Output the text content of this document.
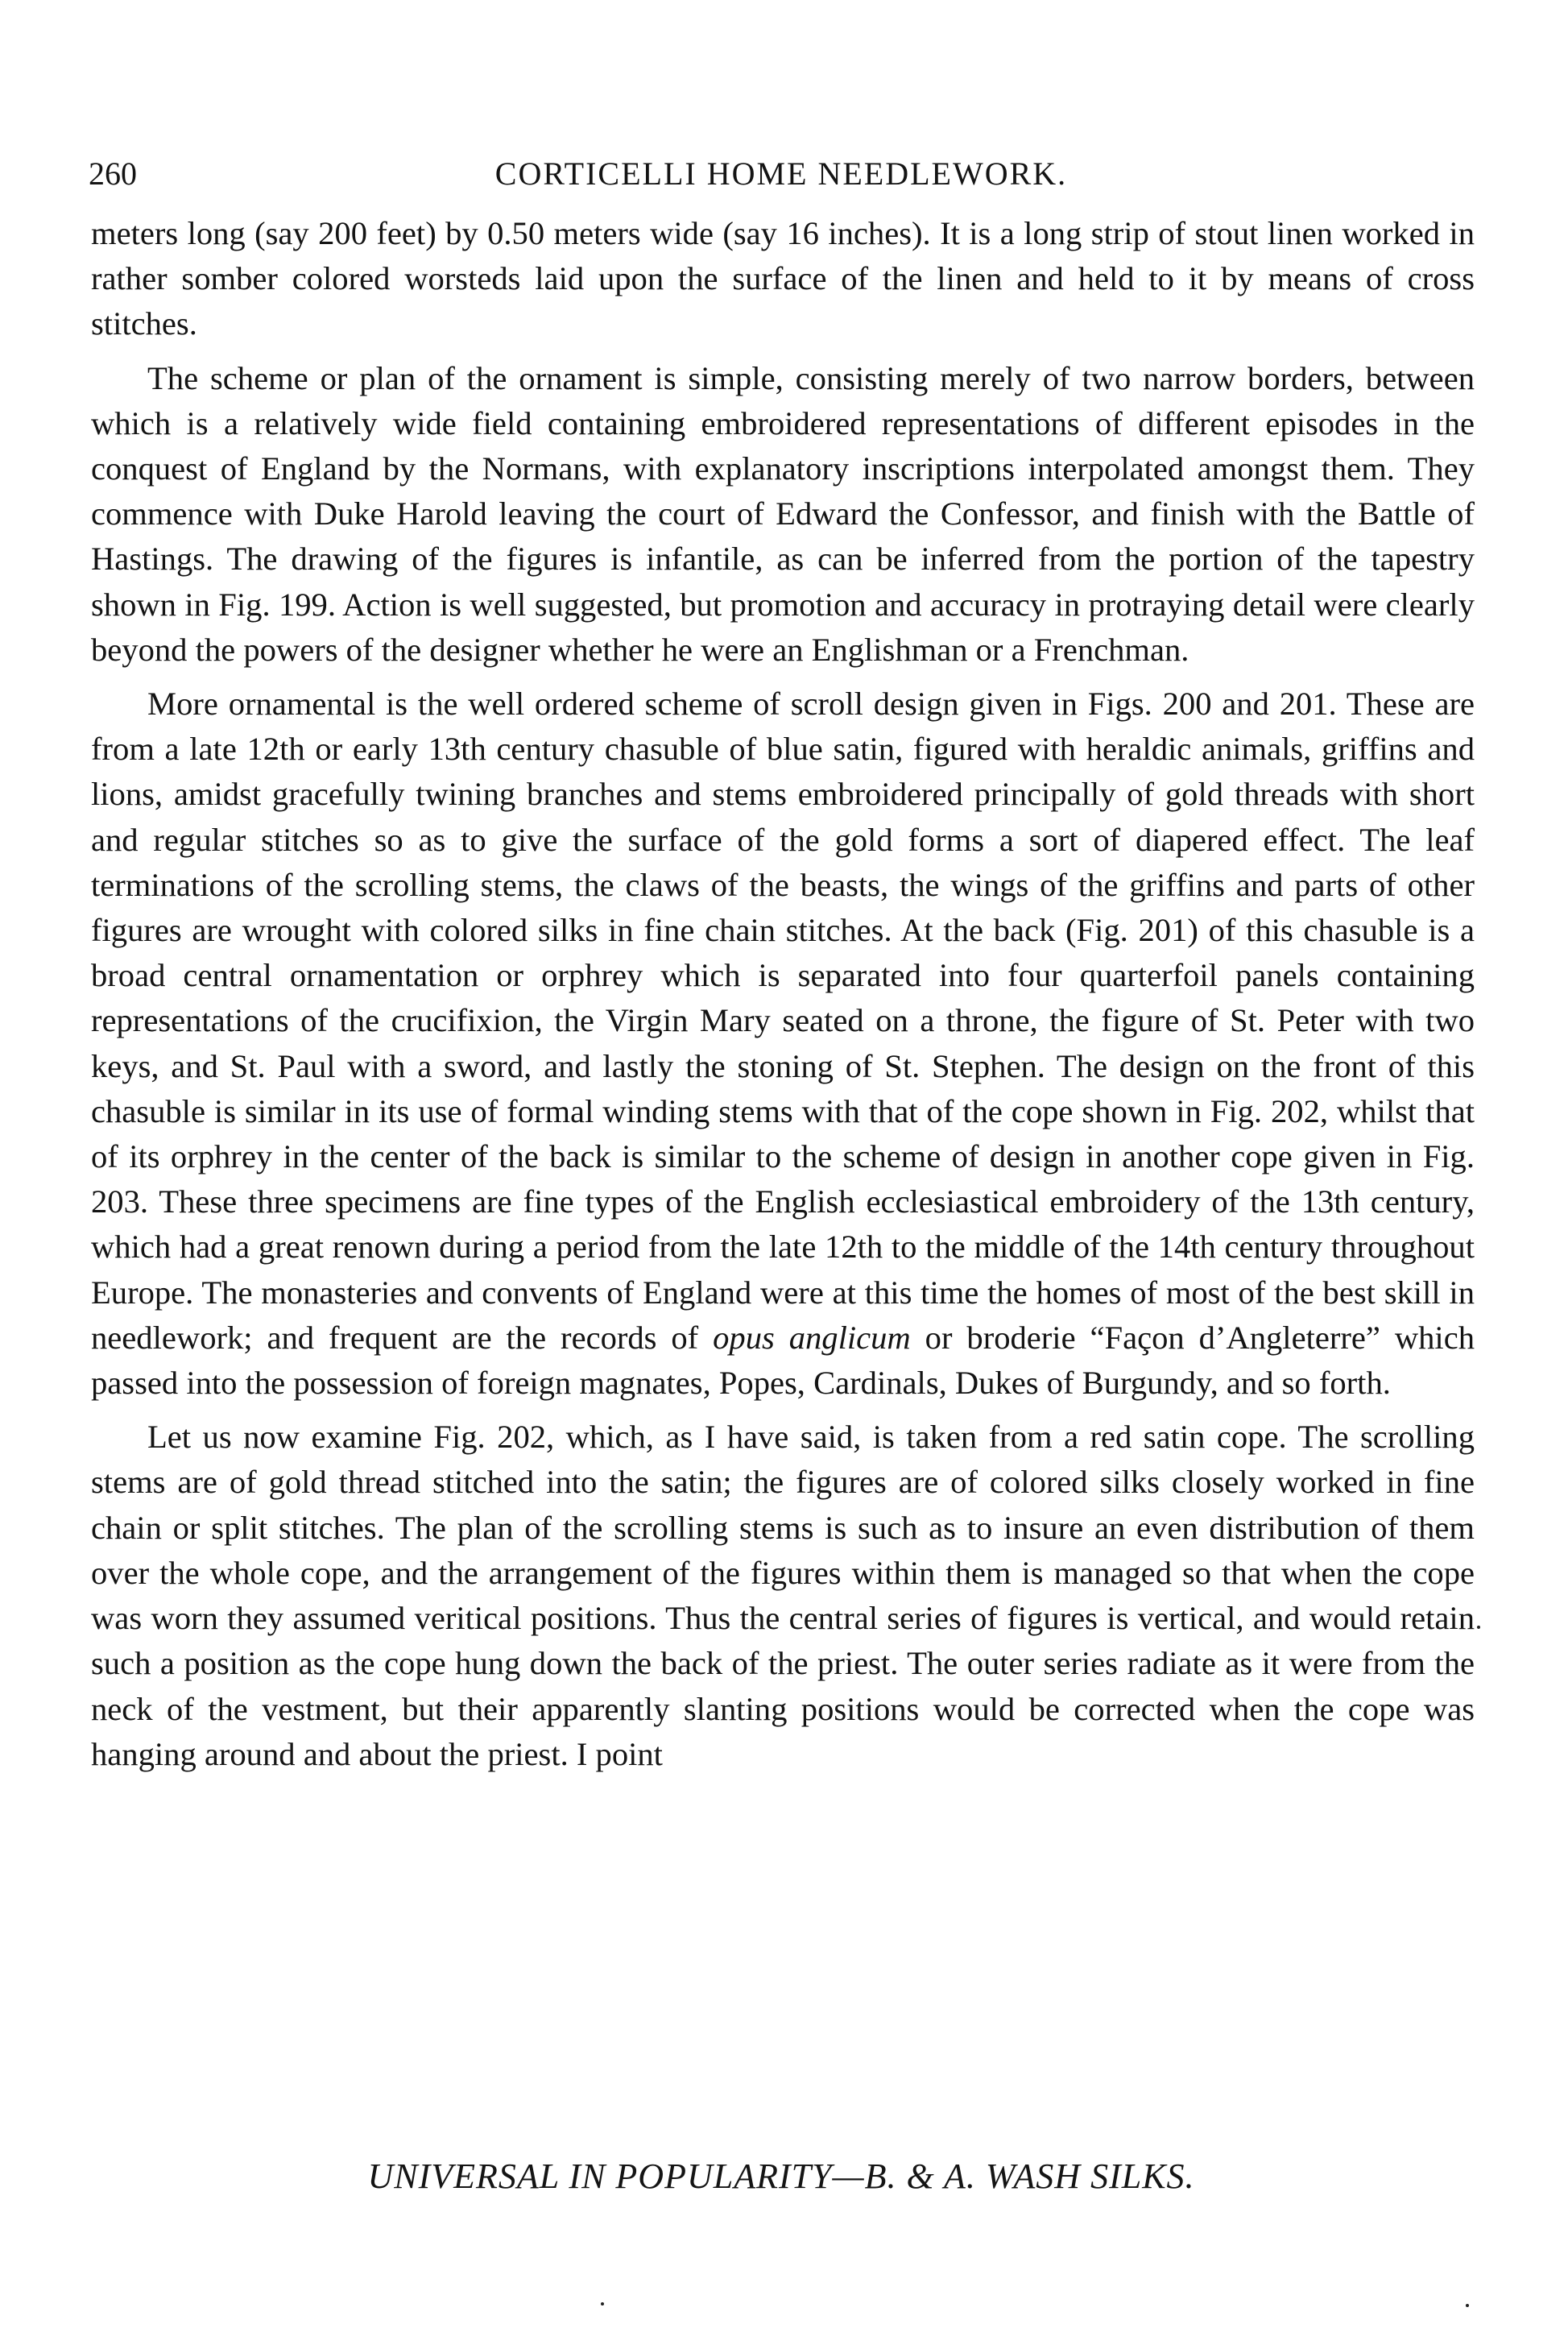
260	CORTICELLI HOME NEEDLEWORK.

meters long (say 200 feet) by 0.50 meters wide (say 16 inches). It is a long strip of stout linen worked in rather somber colored worsteds laid upon the surface of the linen and held to it by means of cross stitches.

The scheme or plan of the ornament is simple, consisting merely of two narrow borders, between which is a relatively wide field containing embroidered representations of different episodes in the conquest of England by the Normans, with explanatory inscriptions interpolated amongst them. They commence with Duke Harold leaving the court of Edward the Confessor, and finish with the Battle of Hastings. The drawing of the figures is infantile, as can be inferred from the portion of the tapestry shown in Fig. 199. Action is well suggested, but promotion and accuracy in protraying detail were clearly beyond the powers of the designer whether he were an Englishman or a Frenchman.

More ornamental is the well ordered scheme of scroll design given in Figs. 200 and 201. These are from a late 12th or early 13th century chasuble of blue satin, figured with heraldic animals, griffins and lions, amidst gracefully twining branches and stems embroidered principally of gold threads with short and regular stitches so as to give the surface of the gold forms a sort of diapered effect. The leaf terminations of the scrolling stems, the claws of the beasts, the wings of the griffins and parts of other figures are wrought with colored silks in fine chain stitches. At the back (Fig. 201) of this chasuble is a broad central ornamentation or orphrey which is separated into four quarterfoil panels containing representations of the crucifixion, the Virgin Mary seated on a throne, the figure of St. Peter with two keys, and St. Paul with a sword, and lastly the stoning of St. Stephen. The design on the front of this chasuble is similar in its use of formal winding stems with that of the cope shown in Fig. 202, whilst that of its orphrey in the center of the back is similar to the scheme of design in another cope given in Fig. 203. These three specimens are fine types of the English ecclesiastical embroidery of the 13th century, which had a great renown during a period from the late 12th to the middle of the 14th century throughout Europe. The monasteries and convents of England were at this time the homes of most of the best skill in needlework; and frequent are the records of opus anglicum or broderie “Façon d’Angleterre” which passed into the possession of foreign magnates, Popes, Cardinals, Dukes of Burgundy, and so forth.

Let us now examine Fig. 202, which, as I have said, is taken from a red satin cope. The scrolling stems are of gold thread stitched into the satin; the figures are of colored silks closely worked in fine chain or split stitches. The plan of the scrolling stems is such as to insure an even distribution of them over the whole cope, and the arrangement of the figures within them is managed so that when the cope was worn they assumed veritical positions. Thus the central series of figures is vertical, and would retain such a position as the cope hung down the back of the priest. The outer series radiate as it were from the neck of the vestment, but their apparently slanting positions would be corrected when the cope was hanging around and about the priest. I point

UNIVERSAL IN POPULARITY—B. & A. WASH SILKS.
